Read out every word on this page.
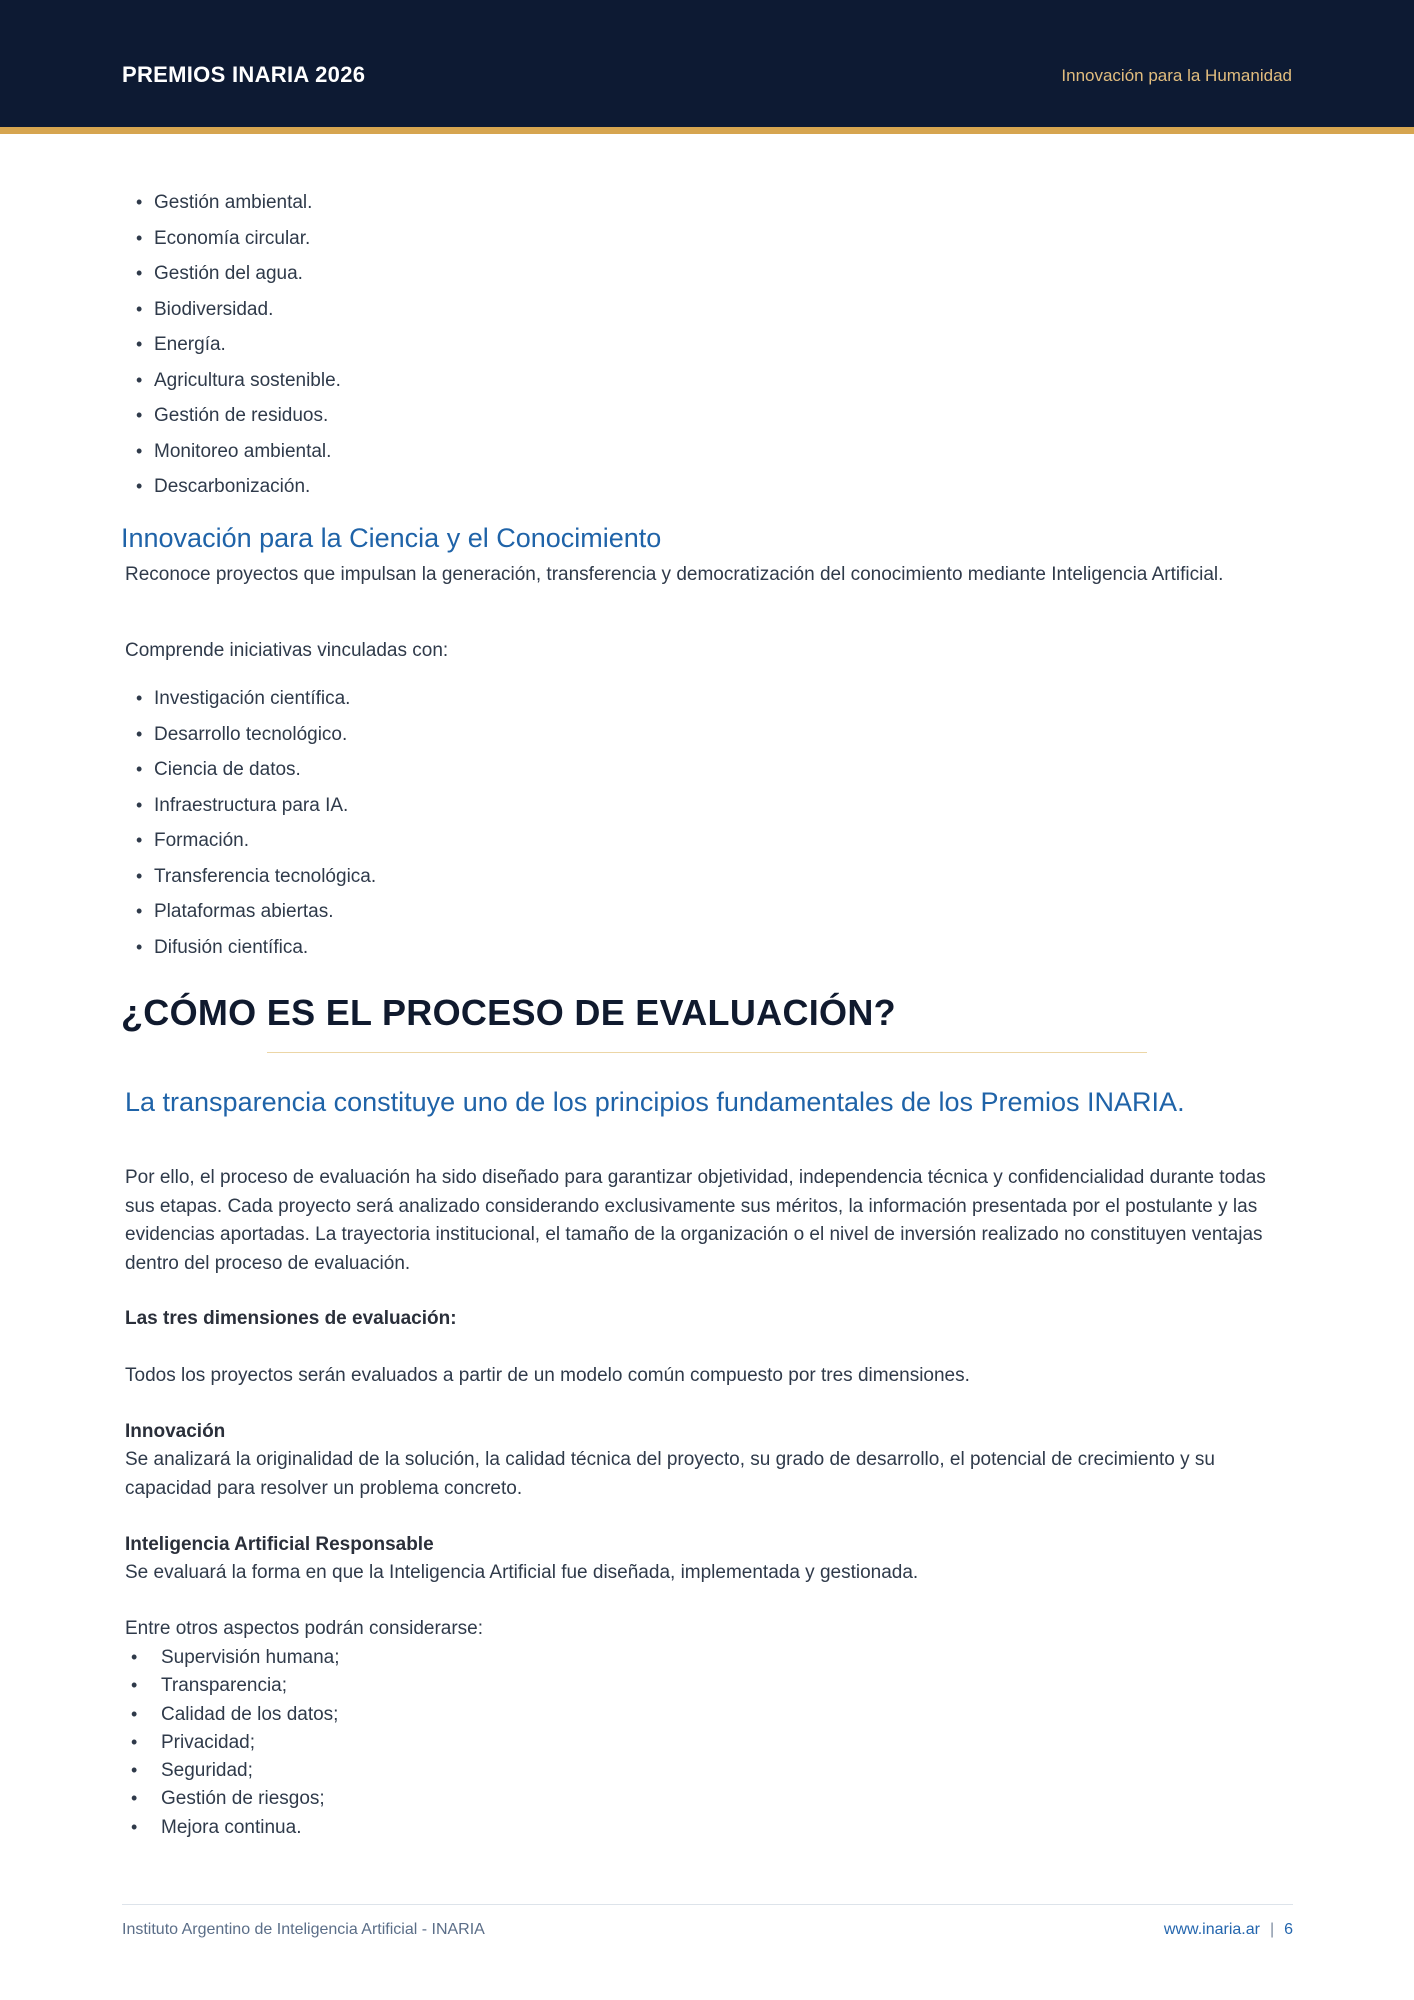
PREMIOS INARIA 2026	Innovación para la Humanidad
• Gestión ambiental.
• Economía circular.
• Gestión del agua.
• Biodiversidad.
• Energía.
• Agricultura sostenible.
• Gestión de residuos.
• Monitoreo ambiental.
• Descarbonización.
Innovación para la Ciencia y el Conocimiento
Reconoce proyectos que impulsan la generación, transferencia y democratización del conocimiento mediante Inteligencia Artificial.
Comprende iniciativas vinculadas con:
• Investigación científica.
• Desarrollo tecnológico.
• Ciencia de datos.
• Infraestructura para IA.
• Formación.
• Transferencia tecnológica.
• Plataformas abiertas.
• Difusión científica.
¿CÓMO ES EL PROCESO DE EVALUACIÓN?
La transparencia constituye uno de los principios fundamentales de los Premios INARIA.
Por ello, el proceso de evaluación ha sido diseñado para garantizar objetividad, independencia técnica y confidencialidad durante todas sus etapas. Cada proyecto será analizado considerando exclusivamente sus méritos, la información presentada por el postulante y las evidencias aportadas. La trayectoria institucional, el tamaño de la organización o el nivel de inversión realizado no constituyen ventajas dentro del proceso de evaluación.
Las tres dimensiones de evaluación:
Todos los proyectos serán evaluados a partir de un modelo común compuesto por tres dimensiones.
Innovación
Se analizará la originalidad de la solución, la calidad técnica del proyecto, su grado de desarrollo, el potencial de crecimiento y su capacidad para resolver un problema concreto.
Inteligencia Artificial Responsable
Se evaluará la forma en que la Inteligencia Artificial fue diseñada, implementada y gestionada.
Entre otros aspectos podrán considerarse:
• Supervisión humana;
• Transparencia;
• Calidad de los datos;
• Privacidad;
• Seguridad;
• Gestión de riesgos;
• Mejora continua.
Instituto Argentino de Inteligencia Artificial - INARIA	www.inaria.ar | 6
